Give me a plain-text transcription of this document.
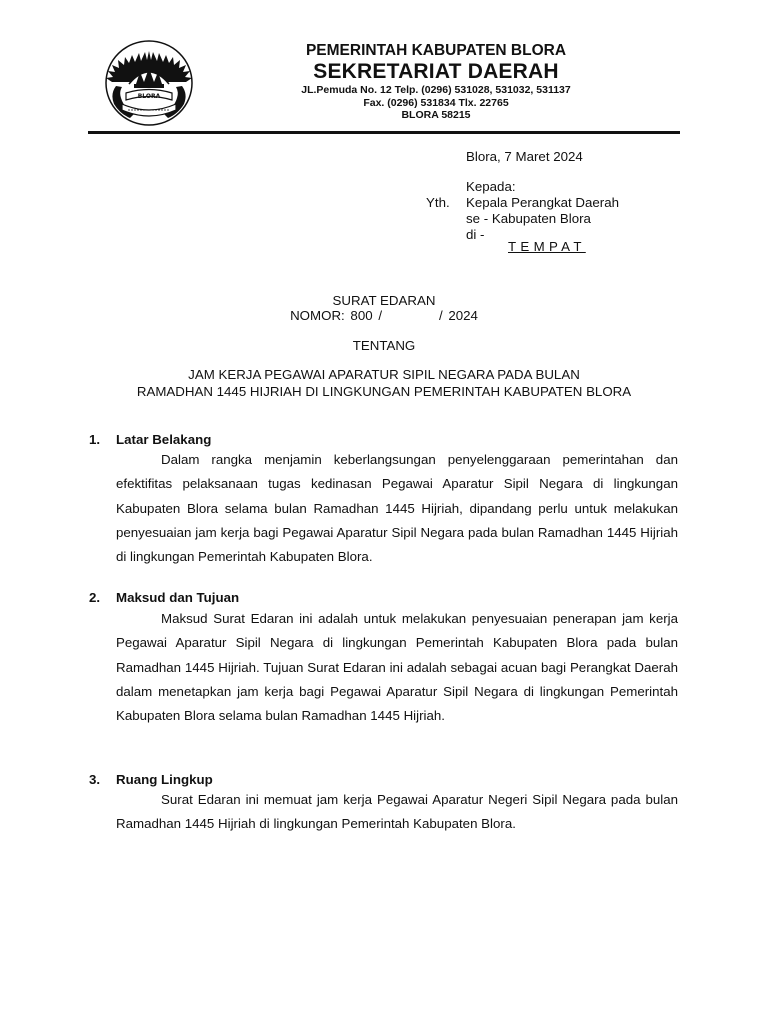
BLORA
PEMERINTAH KABUPATEN BLORA
SEKRETARIAT DAERAH
JL.Pemuda No. 12 Telp. (0296) 531028, 531032, 531137
Fax. (0296) 531834 Tlx. 22765
BLORA 58215
Blora, 7 Maret 2024
Kepada:
Yth. Kepala Perangkat Daerah
se - Kabupaten Blora
di -
TEMPAT
SURAT EDARAN
NOMOR: 800 /          / 2024
TENTANG
JAM KERJA PEGAWAI APARATUR SIPIL NEGARA PADA BULAN
RAMADHAN 1445 HIJRIAH DI LINGKUNGAN PEMERINTAH KABUPATEN BLORA
1. Latar Belakang

Dalam rangka menjamin keberlangsungan penyelenggaraan pemerintahan dan efektifitas pelaksanaan tugas kedinasan Pegawai Aparatur Sipil Negara di lingkungan Kabupaten Blora selama bulan Ramadhan 1445 Hijriah, dipandang perlu untuk melakukan penyesuaian jam kerja bagi Pegawai Aparatur Sipil Negara pada bulan Ramadhan 1445 Hijriah di lingkungan Pemerintah Kabupaten Blora.

2. Maksud dan Tujuan

Maksud Surat Edaran ini adalah untuk melakukan penyesuaian penerapan jam kerja Pegawai Aparatur Sipil Negara di lingkungan Pemerintah Kabupaten Blora pada bulan Ramadhan 1445 Hijriah. Tujuan Surat Edaran ini adalah sebagai acuan bagi Perangkat Daerah dalam menetapkan jam kerja bagi Pegawai Aparatur Sipil Negara di lingkungan Pemerintah Kabupaten Blora selama bulan Ramadhan 1445 Hijriah.

3. Ruang Lingkup

Surat Edaran ini memuat jam kerja Pegawai Aparatur Negeri Sipil Negara pada bulan Ramadhan 1445 Hijriah di lingkungan Pemerintah Kabupaten Blora.
